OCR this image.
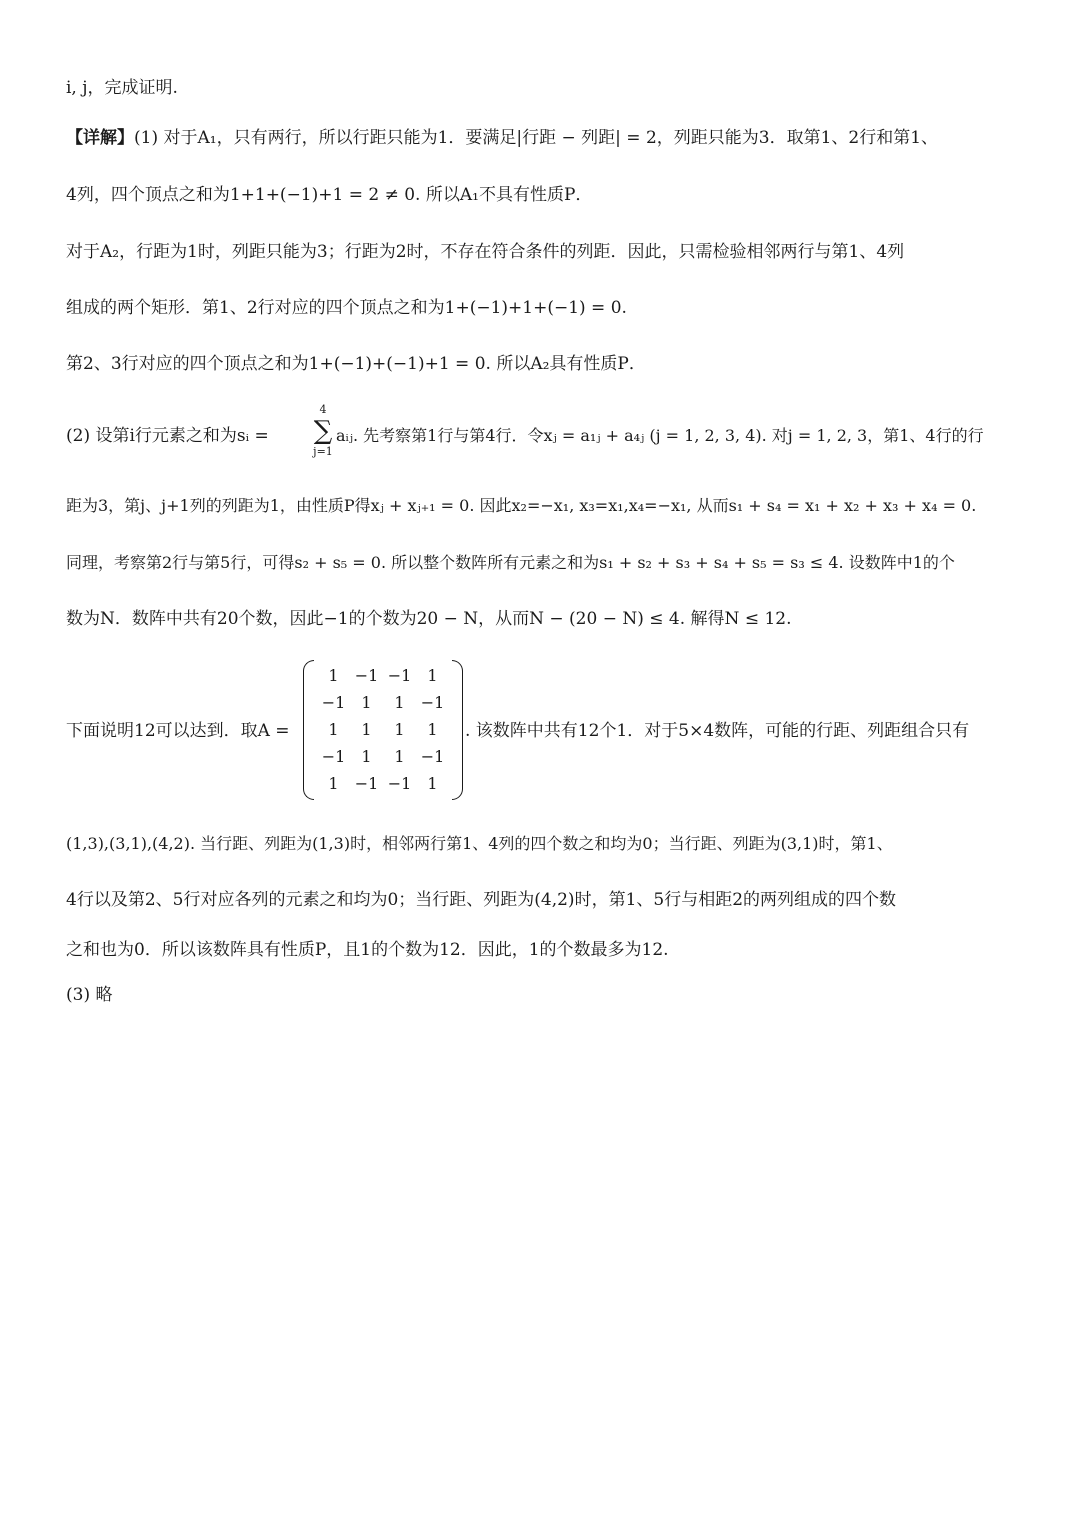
i, j，完成证明.
【详解】(1) 对于A₁，只有两行，所以行距只能为1．要满足|行距 − 列距| = 2，列距只能为3．取第1、2行和第1、
4列，四个顶点之和为1+1+(−1)+1 = 2 ≠ 0. 所以A₁不具有性质P．
对于A₂，行距为1时，列距只能为3；行距为2时，不存在符合条件的列距．因此，只需检验相邻两行与第1、4列
组成的两个矩形．第1、2行对应的四个顶点之和为1+(−1)+1+(−1) = 0.
第2、3行对应的四个顶点之和为1+(−1)+(−1)+1 = 0. 所以A₂具有性质P．
(2) 设第i行元素之和为sᵢ =
4
∑
j=1
aᵢⱼ. 先考察第1行与第4行．令xⱼ = a₁ⱼ + a₄ⱼ (j = 1, 2, 3, 4). 对j = 1, 2, 3，第1、4行的行
距为3，第j、j+1列的列距为1，由性质P得xⱼ + xⱼ₊₁ = 0. 因此x₂=−x₁, x₃=x₁,x₄=−x₁, 从而s₁ + s₄ = x₁ + x₂ + x₃ + x₄ = 0.
同理，考察第2行与第5行，可得s₂ + s₅ = 0. 所以整个数阵所有元素之和为s₁ + s₂ + s₃ + s₄ + s₅ = s₃ ≤ 4. 设数阵中1的个
数为N．数阵中共有20个数，因此−1的个数为20 − N，从而N − (20 − N) ≤ 4. 解得N ≤ 12.
下面说明12可以达到．取A =
1	−1 −1	1
−1	1	1	−1
1	1	1	1
−1	1	1	−1
1	−1 −1	1
. 该数阵中共有12个1．对于5×4数阵，可能的行距、列距组合只有
(1,3),(3,1),(4,2). 当行距、列距为(1,3)时，相邻两行第1、4列的四个数之和均为0；当行距、列距为(3,1)时，第1、
4行以及第2、5行对应各列的元素之和均为0；当行距、列距为(4,2)时，第1、5行与相距2的两列组成的四个数
之和也为0．所以该数阵具有性质P，且1的个数为12．因此，1的个数最多为12.
(3) 略
